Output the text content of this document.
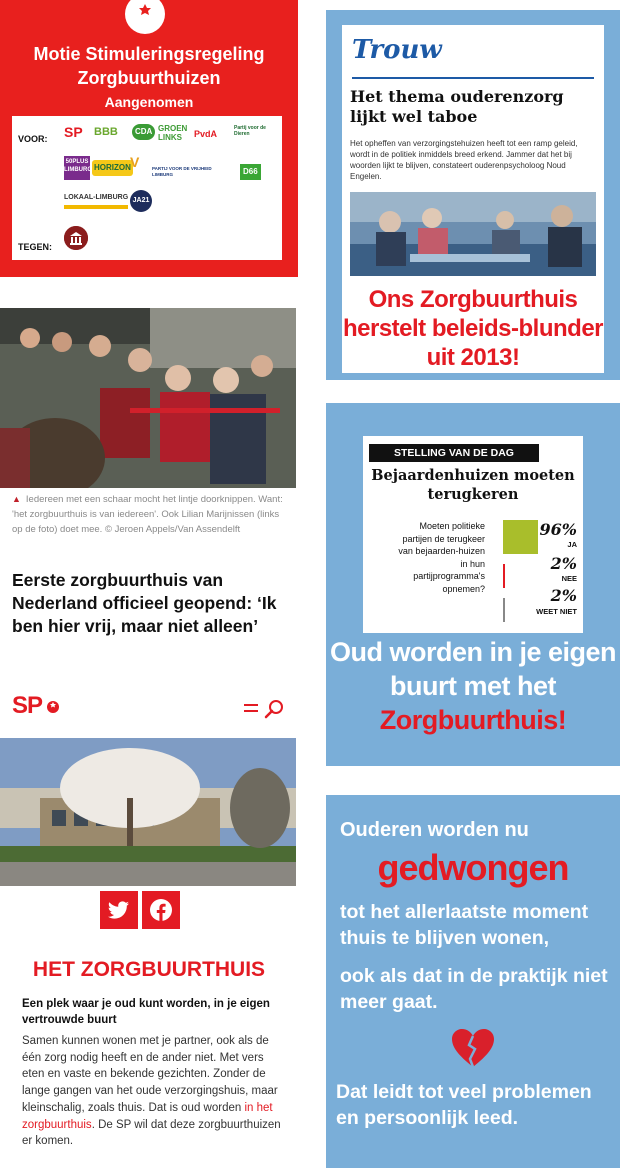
Motie Stimuleringsregeling Zorgbuurthuizen
Aangenomen
VOOR:
TEGEN:
SP BBB	CDA GROEN LINKS	PvdA
Partij voor de Dieren
50PLUS LIMBURG HORIZON V	PARTIJ VOOR DE VRIJHEID LIMBURG	D66
LOKAAL-LIMBURG JA21
Trouw
Het thema ouderenzorg lijkt wel taboe
Het opheffen van verzorgingstehuizen heeft tot een ramp geleid, wordt in de politiek inmiddels breed erkend. Jammer dat het bij woorden lijkt te blijven, constateert ouderenpsycholoog Noud Engelen.
Ons Zorgbuurthuis herstelt beleids-blunder uit 2013!
▲ Iedereen met een schaar mocht het lintje doorknippen. Want: 'het zorgbuurthuis is van iedereen'. Ook Lilian Marijnissen (links op de foto) doet mee. © Jeroen Appels/Van Assendelft
Eerste zorgbuurthuis van Nederland officieel geopend: ‘Ik ben hier vrij, maar niet alleen’
SP
HET ZORGBUURTHUIS
Een plek waar je oud kunt worden, in je eigen vertrouwde buurt
Samen kunnen wonen met je partner, ook als de één zorg nodig heeft en de ander niet. Met vers eten en vaste en bekende gezichten. Zonder de lange gangen van het oude verzorgingshuis, maar kleinschalig, zoals thuis. Dat is oud worden in het zorgbuurthuis. De SP wil dat deze zorgbuurthuizen er komen.
STELLING VAN DE DAG
Bejaardenhuizen moeten terugkeren
Moeten politieke partijen de terugkeer van bejaarden-huizen in hun partijprogramma's opnemen?
96%
JA
2%
NEE
2%
WEET NIET
Oud worden in je eigen buurt met het Zorgbuurthuis!
Ouderen worden nu
gedwongen
tot het allerlaatste moment thuis te blijven wonen,
ook als dat in de praktijk niet meer gaat.
Dat leidt tot veel problemen en persoonlijk leed.
